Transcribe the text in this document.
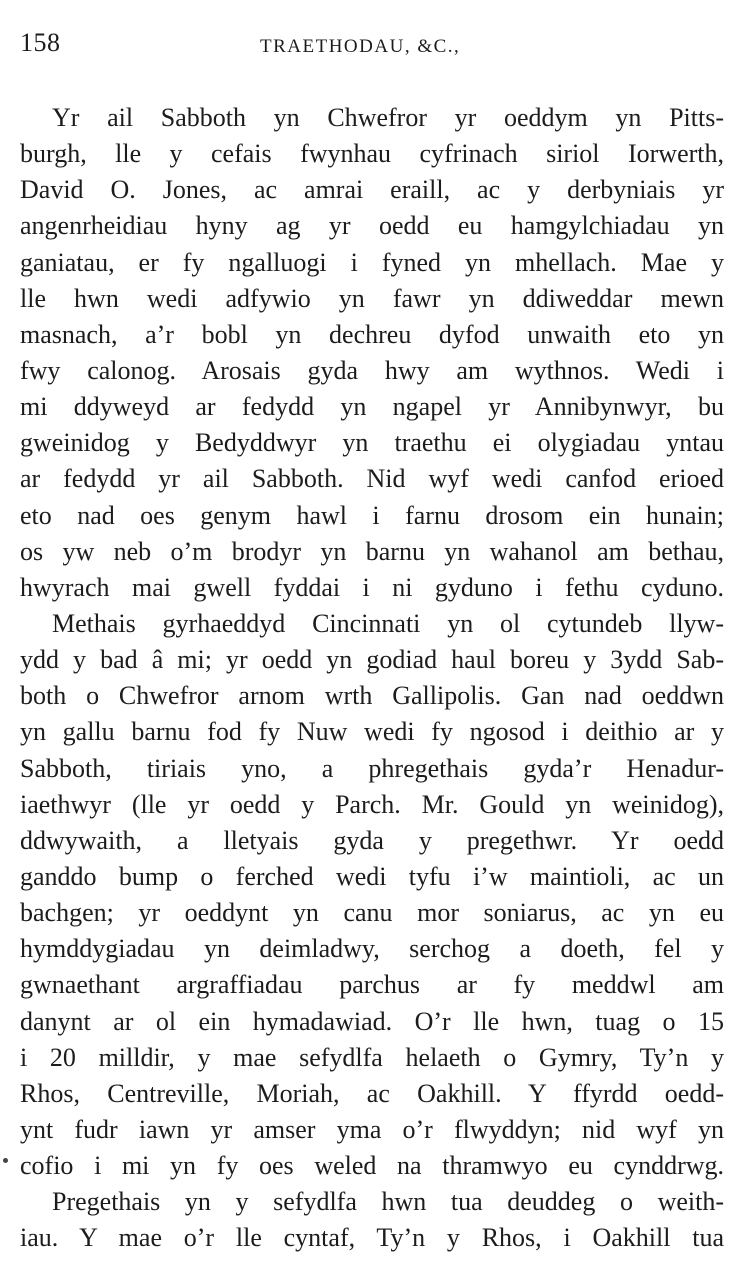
158	TRAETHODAU, &C.,
Yr ail Sabboth yn Chwefror yr oeddym yn Pitts-
burgh, lle y cefais fwynhau cyfrinach siriol Iorwerth,
David O. Jones, ac amrai eraill, ac y derbyniais yr
angenrheidiau hyny ag yr oedd eu hamgylchiadau yn
ganiatau, er fy ngalluogi i fyned yn mhellach. Mae y
lle hwn wedi adfywio yn fawr yn ddiweddar mewn
masnach, a’r bobl yn dechreu dyfod unwaith eto yn
fwy calonog. Arosais gyda hwy am wythnos. Wedi i
mi ddyweyd ar fedydd yn ngapel yr Annibynwyr, bu
gweinidog y Bedyddwyr yn traethu ei olygiadau yntau
ar fedydd yr ail Sabboth. Nid wyf wedi canfod erioed
eto nad oes genym hawl i farnu drosom ein hunain;
os yw neb o’m brodyr yn barnu yn wahanol am bethau,
hwyrach mai gwell fyddai i ni gyduno i fethu cyduno.
Methais gyrhaeddyd Cincinnati yn ol cytundeb llyw-
ydd y bad â mi; yr oedd yn godiad haul boreu y 3ydd Sab-
both o Chwefror arnom wrth Gallipolis. Gan nad oeddwn
yn gallu barnu fod fy Nuw wedi fy ngosod i deithio ar y
Sabboth, tiriais yno, a phregethais gyda’r Henadur-
iaethwyr (lle yr oedd y Parch. Mr. Gould yn weinidog),
ddwywaith, a lletyais gyda y pregethwr. Yr oedd
ganddo bump o ferched wedi tyfu i’w maintioli, ac un
bachgen; yr oeddynt yn canu mor soniarus, ac yn eu
hymddygiadau yn deimladwy, serchog a doeth, fel y
gwnaethant argraffiadau parchus ar fy meddwl am
danynt ar ol ein hymadawiad. O’r lle hwn, tuag o 15
i 20 milldir, y mae sefydlfa helaeth o Gymry, Ty’n y
Rhos, Centreville, Moriah, ac Oakhill. Y ffyrdd oedd-
ynt fudr iawn yr amser yma o’r flwyddyn; nid wyf yn
cofio i mi yn fy oes weled na thramwyo eu cynddrwg.
Pregethais yn y sefydlfa hwn tua deuddeg o weith-
iau. Y mae o’r lle cyntaf, Ty’n y Rhos, i Oakhill tua
